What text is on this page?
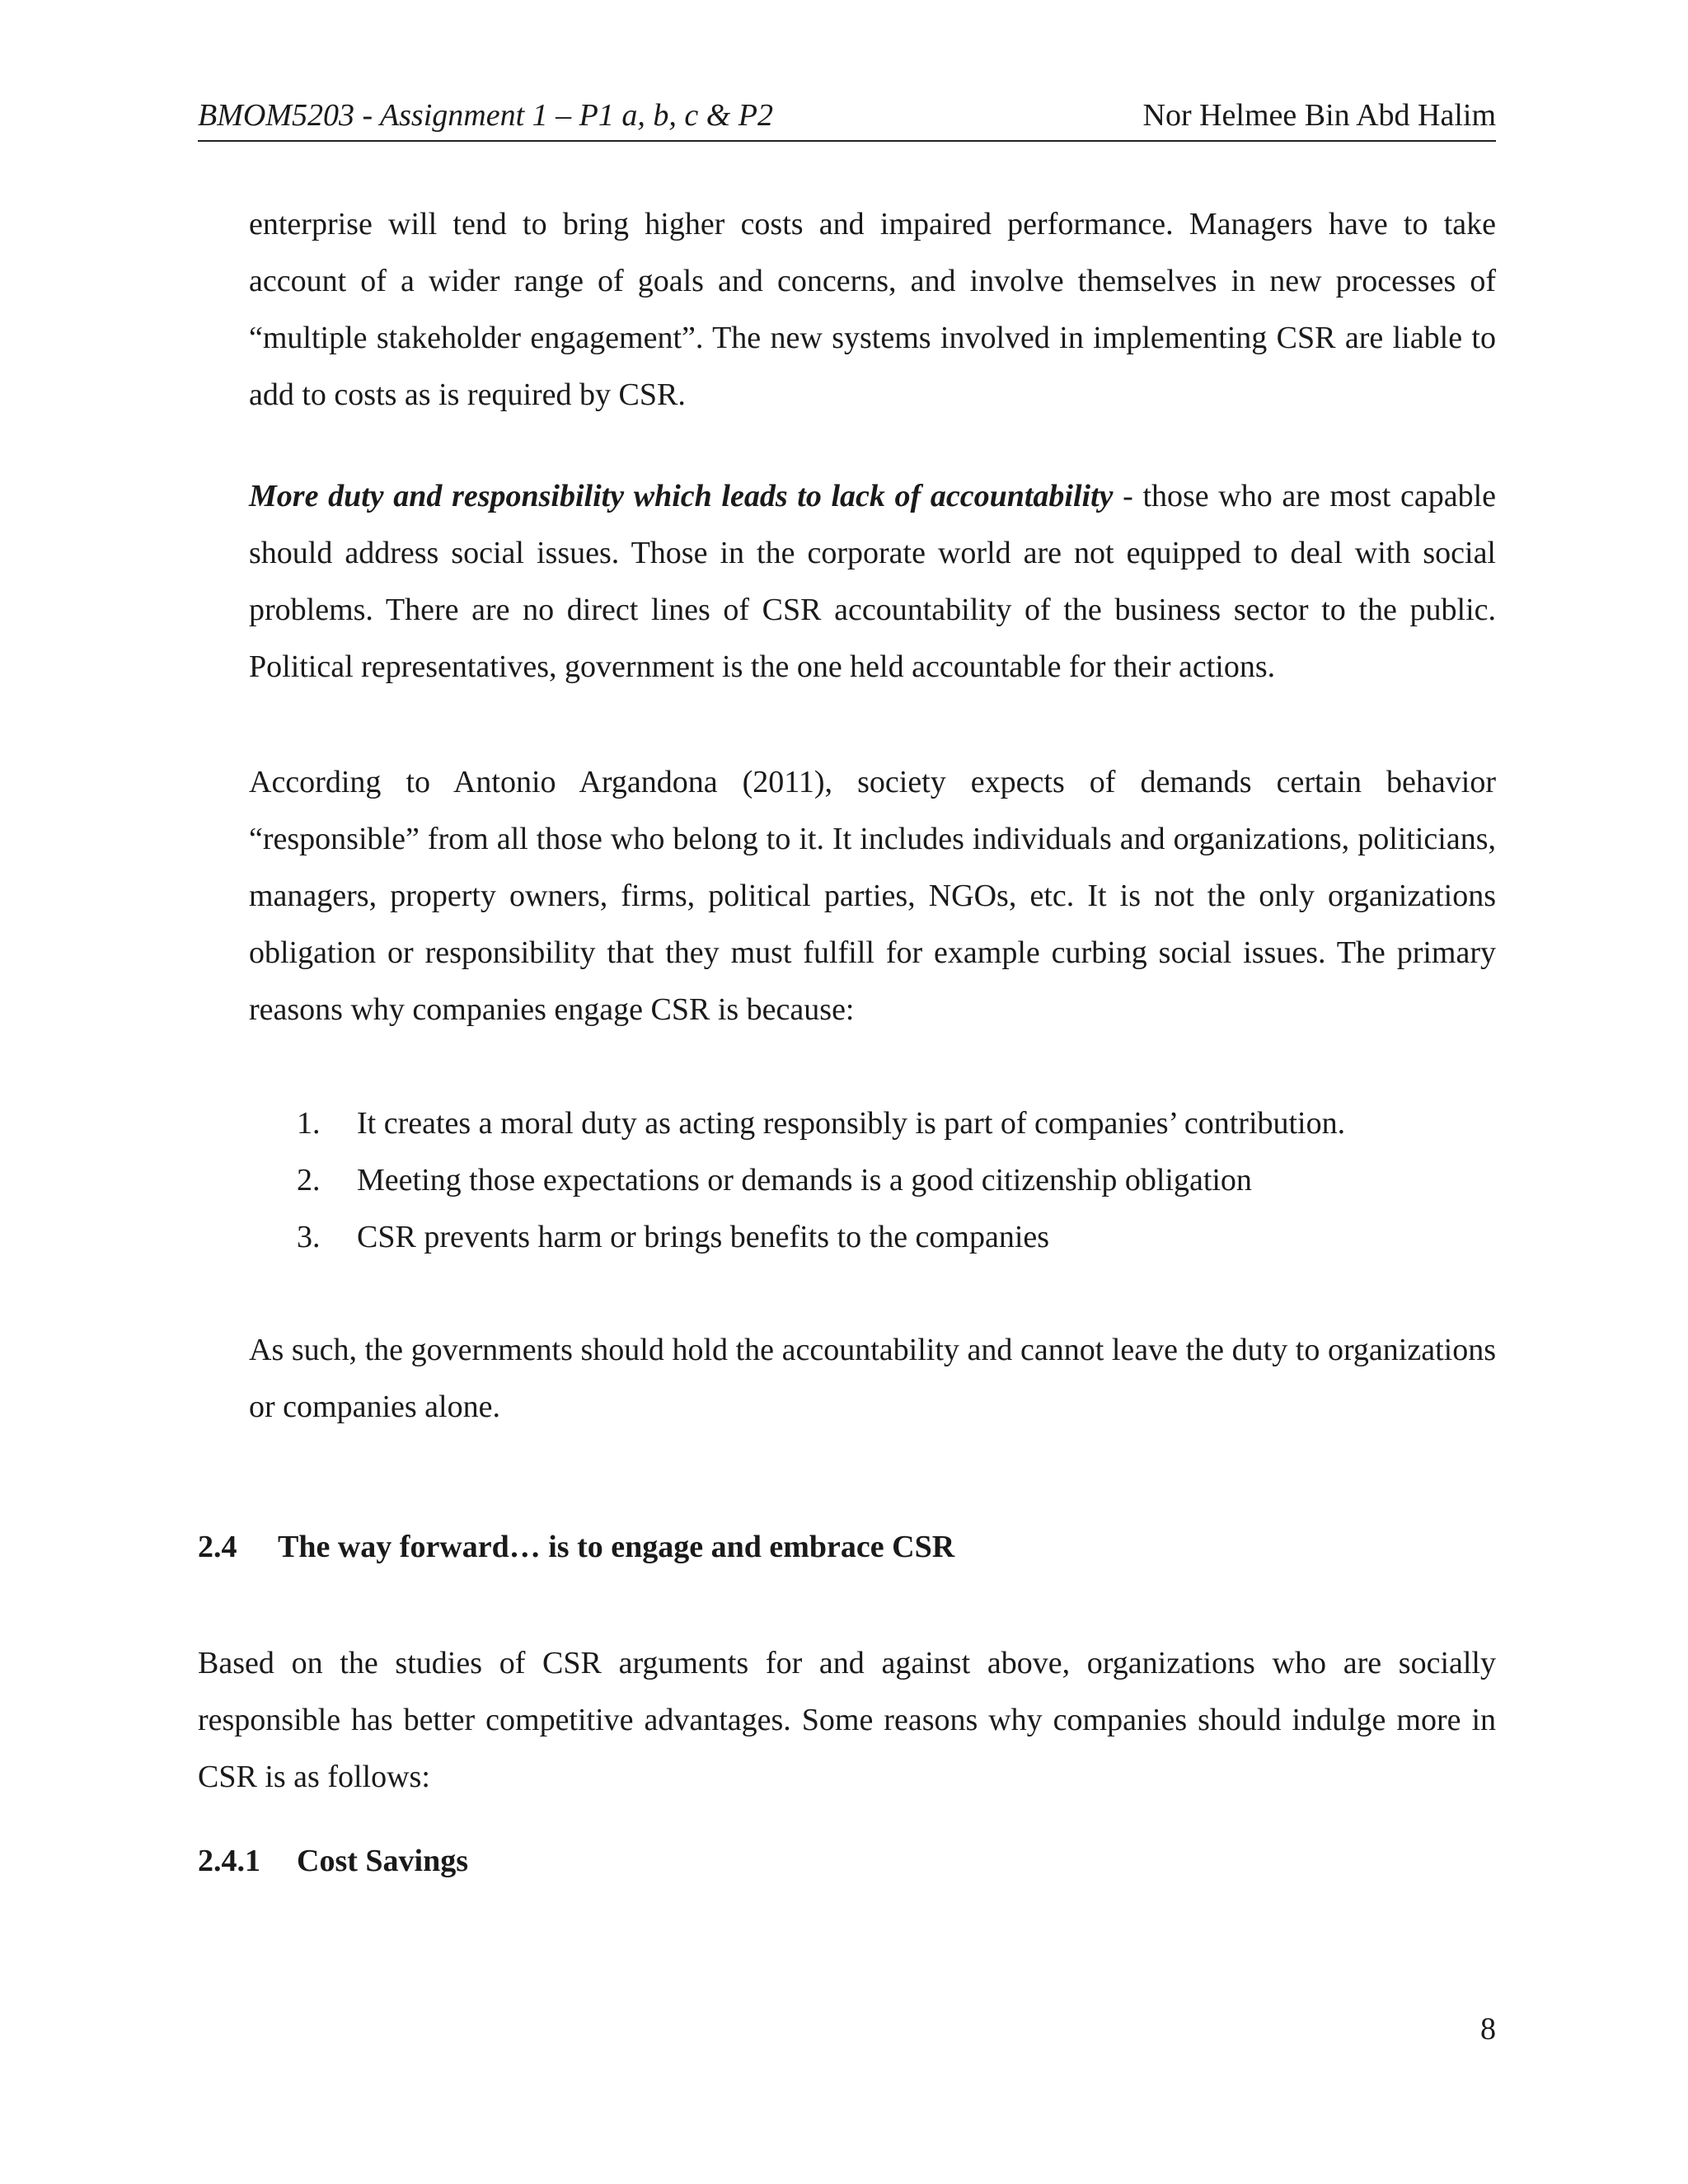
BMOM5203 - Assignment 1 – P1 a, b, c & P2	Nor Helmee Bin Abd Halim

enterprise will tend to bring higher costs and impaired performance. Managers have to take account of a wider range of goals and concerns, and involve themselves in new processes of “multiple stakeholder engagement”. The new systems involved in implementing CSR are liable to add to costs as is required by CSR.

More duty and responsibility which leads to lack of accountability - those who are most capable should address social issues. Those in the corporate world are not equipped to deal with social problems. There are no direct lines of CSR accountability of the business sector to the public. Political representatives, government is the one held accountable for their actions.

According to Antonio Argandona (2011), society expects of demands certain behavior “responsible” from all those who belong to it. It includes individuals and organizations, politicians, managers, property owners, firms, political parties, NGOs, etc. It is not the only organizations obligation or responsibility that they must fulfill for example curbing social issues. The primary reasons why companies engage CSR is because:

1. It creates a moral duty as acting responsibly is part of companies’ contribution.
2. Meeting those expectations or demands is a good citizenship obligation
3. CSR prevents harm or brings benefits to the companies

As such, the governments should hold the accountability and cannot leave the duty to organizations or companies alone.

2.4 The way forward… is to engage and embrace CSR

Based on the studies of CSR arguments for and against above, organizations who are socially responsible has better competitive advantages. Some reasons why companies should indulge more in CSR is as follows:

2.4.1 Cost Savings
8
